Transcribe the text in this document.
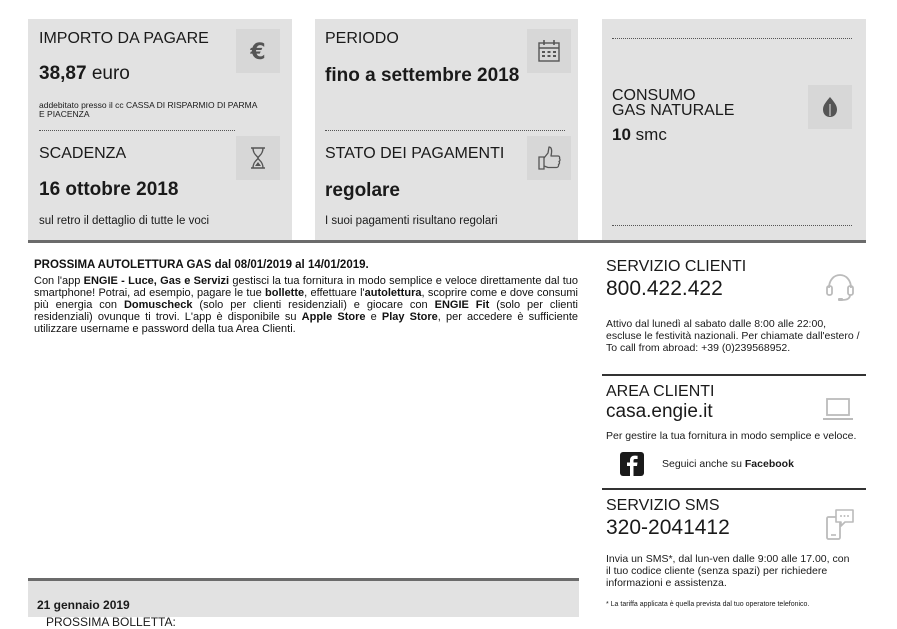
IMPORTO DA PAGARE
38,87 euro
addebitato presso il cc CASSA DI RISPARMIO DI PARMA E PIACENZA
€
SCADENZA
16 ottobre 2018
sul retro il dettaglio di tutte le voci
PERIODO
fino a settembre 2018
STATO DEI PAGAMENTI
regolare
I suoi pagamenti risultano regolari
CONSUMO
GAS NATURALE
10 smc
PROSSIMA AUTOLETTURA GAS dal 08/01/2019 al 14/01/2019.

Con l'app ENGIE - Luce, Gas e Servizi gestisci la tua fornitura in modo semplice e veloce direttamente dal tuo smartphone! Potrai, ad esempio, pagare le tue bollette, effettuare l'autolettura, scoprire come e dove consumi più energia con Domuscheck (solo per clienti residenziali) e giocare con ENGIE Fit (solo per clienti residenziali) ovunque ti trovi. L'app è disponibile su Apple Store e Play Store, per accedere è sufficiente utilizzare username e password della tua Area Clienti.

SERVIZIO CLIENTI
800.422.422
Attivo dal lunedì al sabato dalle 8:00 alle 22:00, escluse le festività nazionali. Per chiamate dall'estero / To call from abroad: +39 (0)239568952.
AREA CLIENTI
casa.engie.it
Per gestire la tua fornitura in modo semplice e veloce.
Seguici anche su Facebook
SERVIZIO SMS
320-2041412
Invia un SMS*, dal lun-ven dalle 9:00 alle 17.00, con il tuo codice cliente (senza spazi) per richiedere informazioni e assistenza.
* La tariffa applicata è quella prevista dal tuo operatore telefonico.
PROSSIMA BOLLETTA:
21 gennaio 2019
